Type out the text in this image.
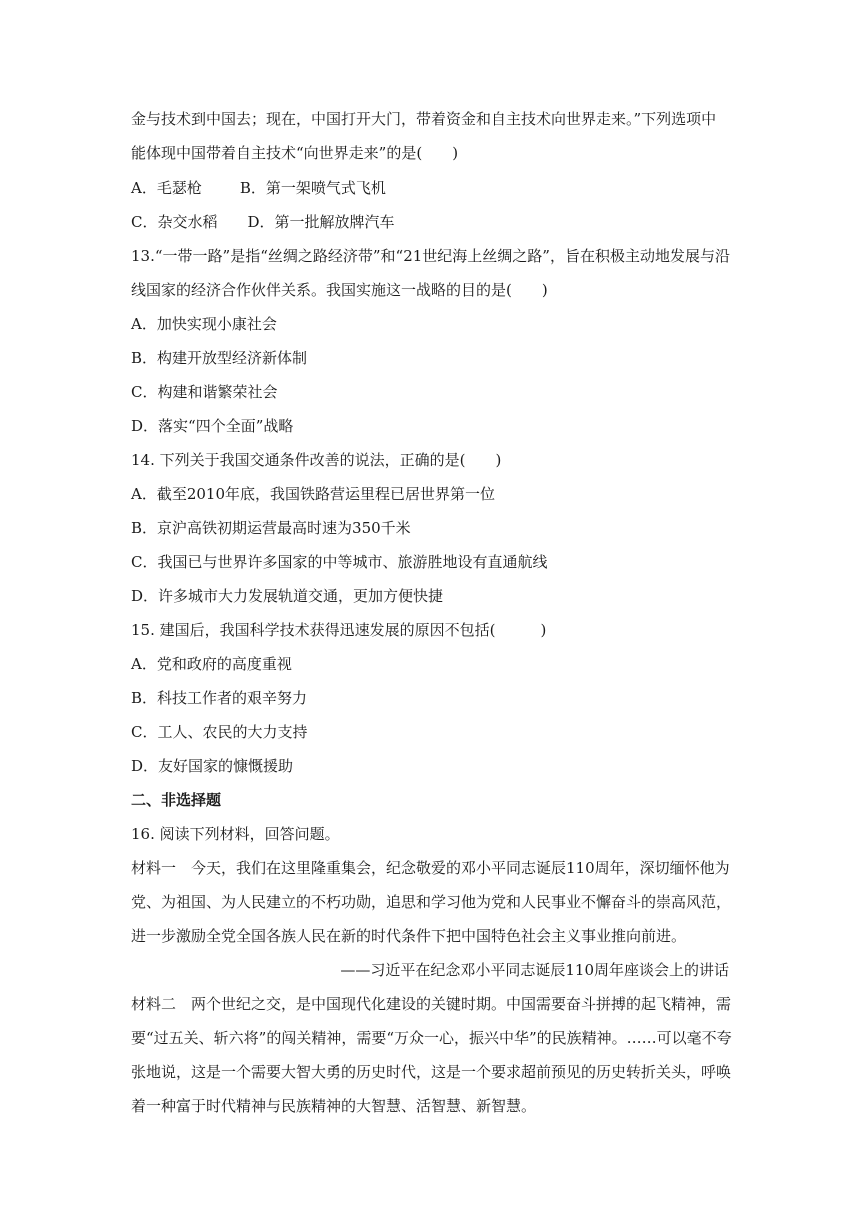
金与技术到中国去；现在，中国打开大门，带着资金和自主技术向世界走来。”下列选项中
能体现中国带着自主技术“向世界走来”的是(　　)
A．毛瑟枪	B．第一架喷气式飞机
C．杂交水稻 D．第一批解放牌汽车
13.“一带一路”是指“丝绸之路经济带”和“21世纪海上丝绸之路”，旨在积极主动地发展与沿
线国家的经济合作伙伴关系。我国实施这一战略的目的是(　　)
A．加快实现小康社会
B．构建开放型经济新体制
C．构建和谐繁荣社会
D．落实“四个全面”战略
14. 下列关于我国交通条件改善的说法，正确的是(　　)
A．截至2010年底，我国铁路营运里程已居世界第一位
B．京沪高铁初期运营最高时速为350千米
C．我国已与世界许多国家的中等城市、旅游胜地设有直通航线
D．许多城市大力发展轨道交通，更加方便快捷
15. 建国后，我国科学技术获得迅速发展的原因不包括(　　　)
A．党和政府的高度重视
B．科技工作者的艰辛努力
C．工人、农民的大力支持
D．友好国家的慷慨援助
二、非选择题
16. 阅读下列材料，回答问题。
材料一　今天，我们在这里隆重集会，纪念敬爱的邓小平同志诞辰110周年，深切缅怀他为
党、为祖国、为人民建立的不朽功勋，追思和学习他为党和人民事业不懈奋斗的崇高风范，
进一步激励全党全国各族人民在新的时代条件下把中国特色社会主义事业推向前进。
——习近平在纪念邓小平同志诞辰110周年座谈会上的讲话
材料二　两个世纪之交，是中国现代化建设的关键时期。中国需要奋斗拼搏的起飞精神，需
要“过五关、斩六将”的闯关精神，需要“万众一心，振兴中华”的民族精神。……可以毫不夸
张地说，这是一个需要大智大勇的历史时代，这是一个要求超前预见的历史转折关头，呼唤
着一种富于时代精神与民族精神的大智慧、活智慧、新智慧。
